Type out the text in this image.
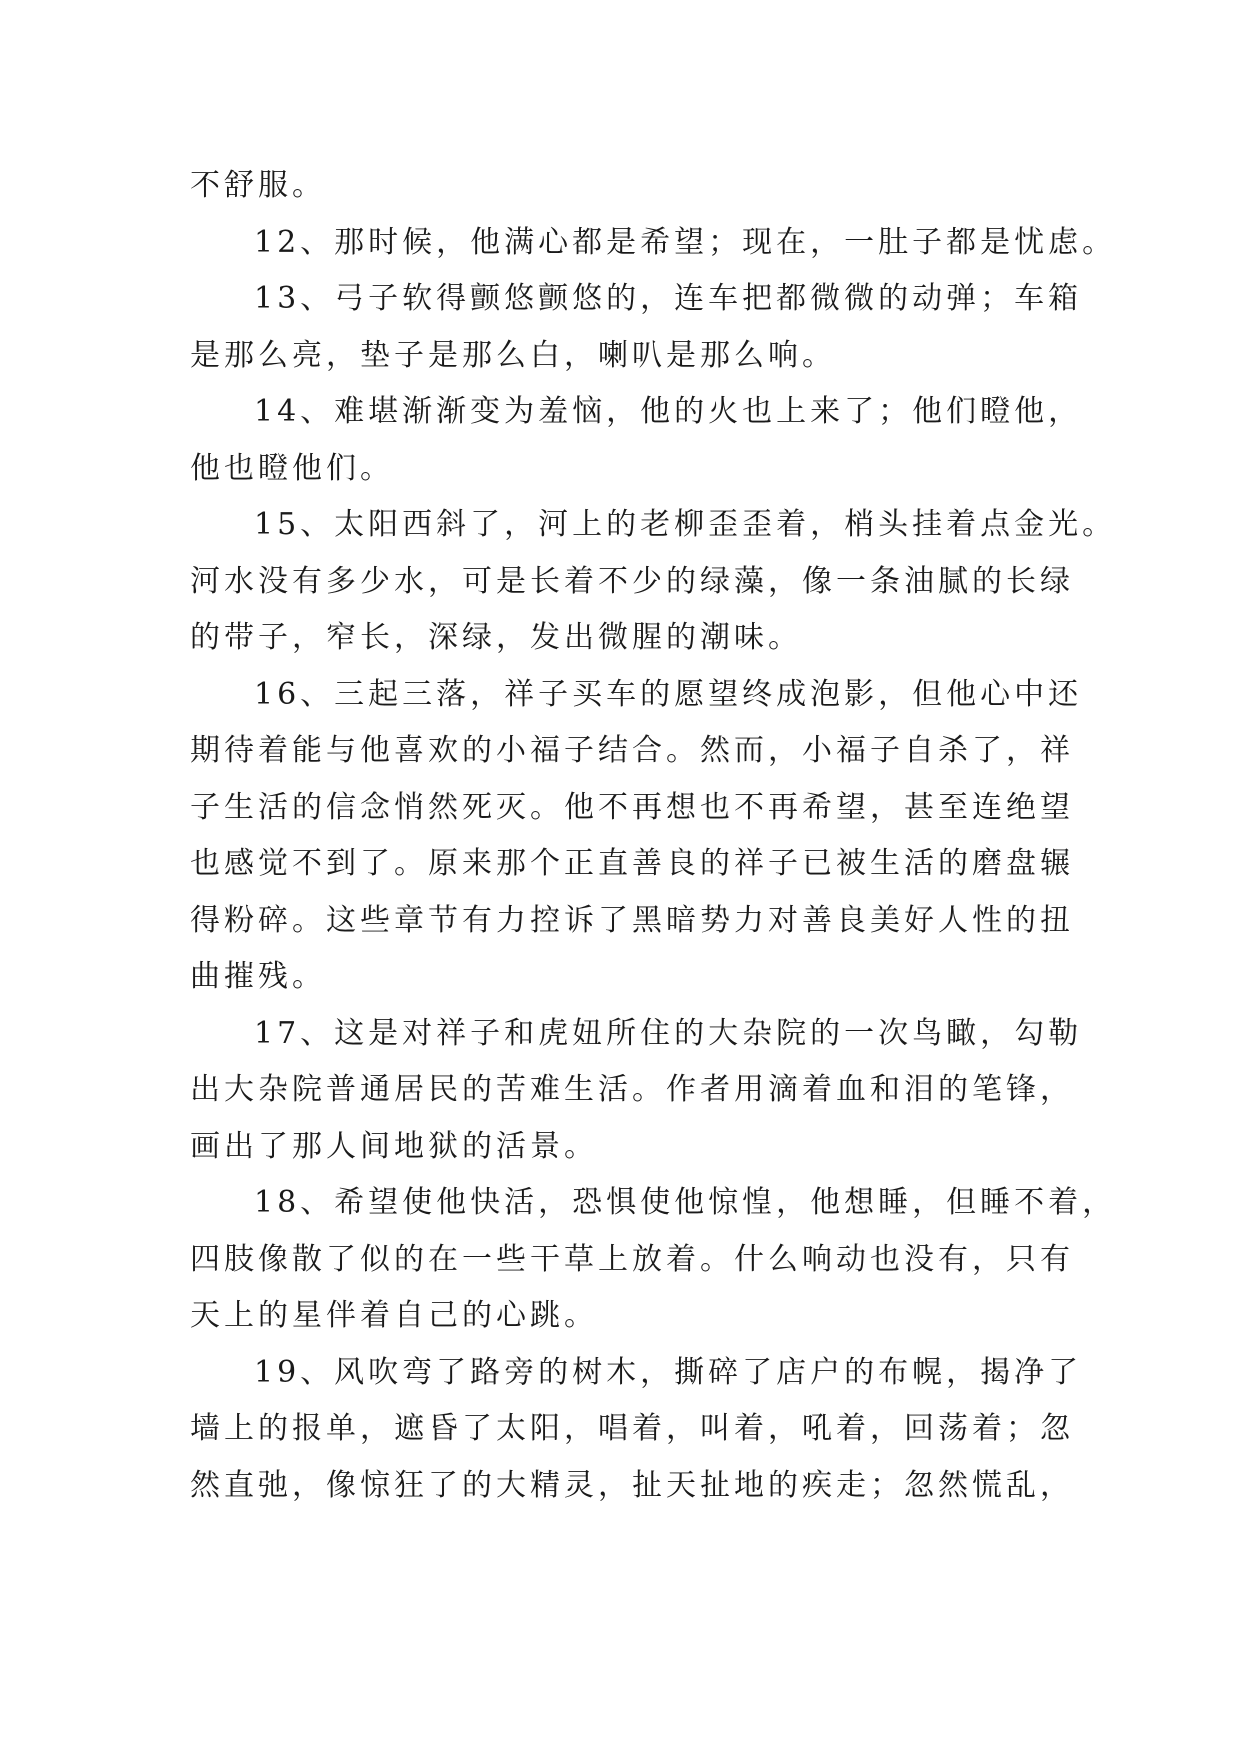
不舒服。
12、那时候，他满心都是希望；现在，一肚子都是忧虑。
13、弓子软得颤悠颤悠的，连车把都微微的动弹；车箱
是那么亮，垫子是那么白，喇叭是那么响。
14、难堪渐渐变为羞恼，他的火也上来了；他们瞪他，
他也瞪他们。
15、太阳西斜了，河上的老柳歪歪着，梢头挂着点金光。
河水没有多少水，可是长着不少的绿藻，像一条油腻的长绿
的带子，窄长，深绿，发出微腥的潮味。
16、三起三落，祥子买车的愿望终成泡影，但他心中还
期待着能与他喜欢的小福子结合。然而，小福子自杀了，祥
子生活的信念悄然死灭。他不再想也不再希望，甚至连绝望
也感觉不到了。原来那个正直善良的祥子已被生活的磨盘辗
得粉碎。这些章节有力控诉了黑暗势力对善良美好人性的扭
曲摧残。
17、这是对祥子和虎妞所住的大杂院的一次鸟瞰，勾勒
出大杂院普通居民的苦难生活。作者用滴着血和泪的笔锋，
画出了那人间地狱的活景。
18、希望使他快活，恐惧使他惊惶，他想睡，但睡不着，
四肢像散了似的在一些干草上放着。什么响动也没有，只有
天上的星伴着自己的心跳。
19、风吹弯了路旁的树木，撕碎了店户的布幌，揭净了
墙上的报单，遮昏了太阳，唱着，叫着，吼着，回荡着；忽
然直弛，像惊狂了的大精灵，扯天扯地的疾走；忽然慌乱，
